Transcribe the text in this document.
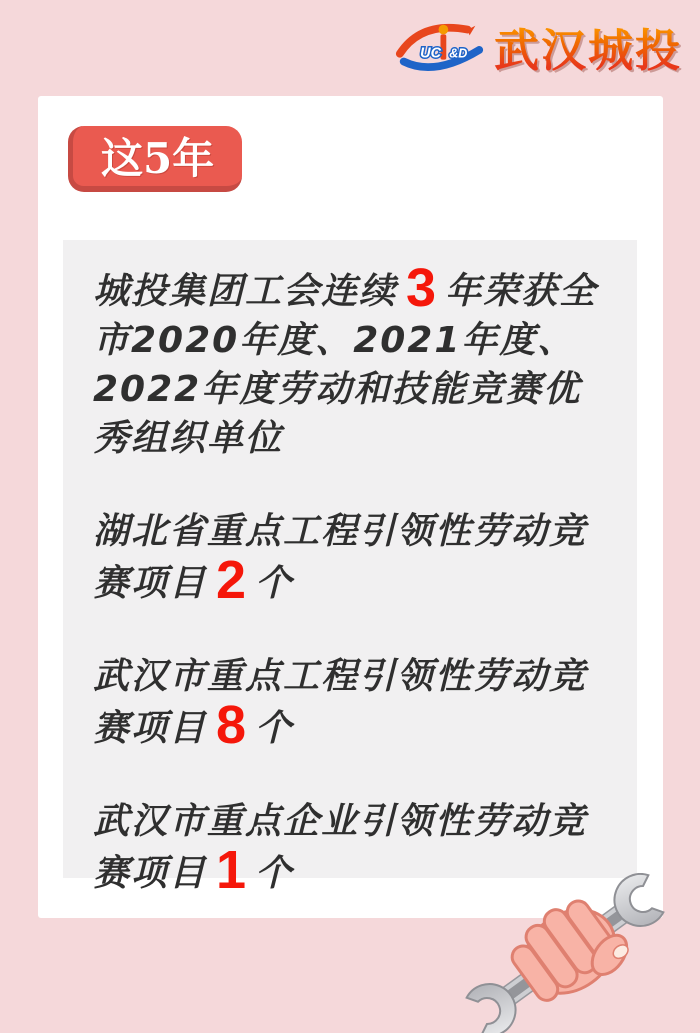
UC &D 武汉城投
这5年

城投集团工会连续 3 年荣获全市2020年度、2021年度、2022年度劳动和技能竞赛优秀组织单位

湖北省重点工程引领性劳动竞赛项目 2 个

武汉市重点工程引领性劳动竞赛项目 8 个

武汉市重点企业引领性劳动竞赛项目 1 个
